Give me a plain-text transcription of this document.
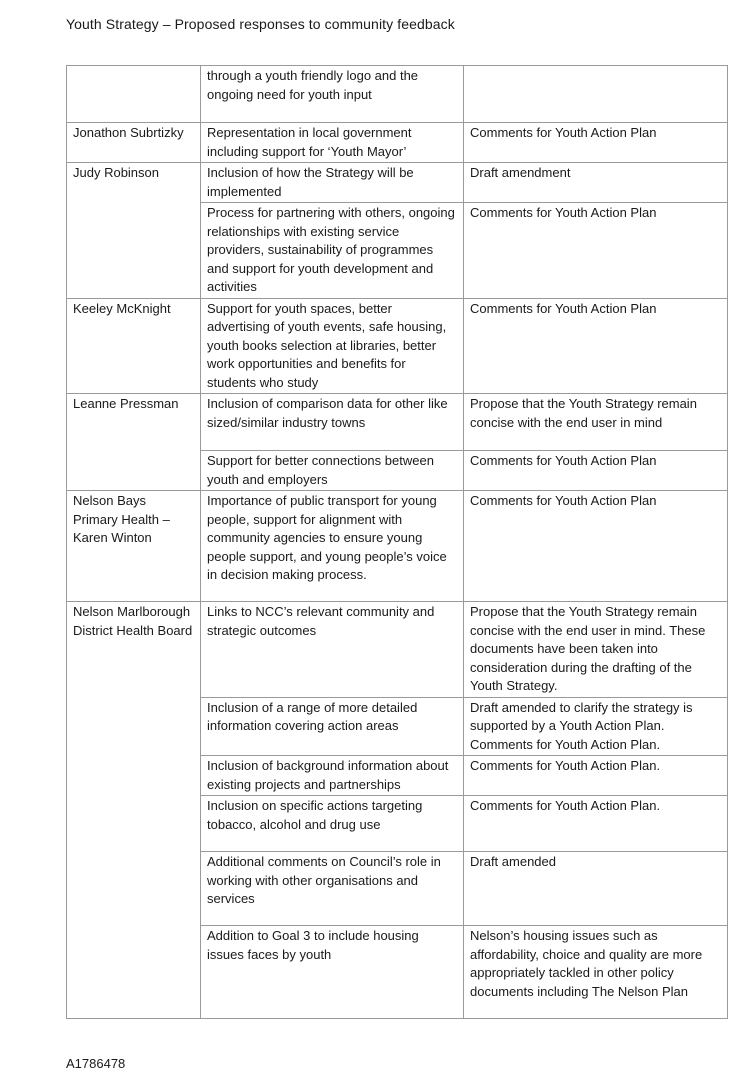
Youth Strategy – Proposed responses to community feedback
	through a youth friendly logo and the ongoing need for youth input	
Jonathon Subrtizky	Representation in local government including support for ‘Youth Mayor’	Comments for Youth Action Plan
Judy Robinson	Inclusion of how the Strategy will be implemented	Draft amendment
	Process for partnering with others, ongoing relationships with existing service providers, sustainability of programmes and support for youth development and activities	Comments for Youth Action Plan
Keeley McKnight	Support for youth spaces, better advertising of youth events, safe housing, youth books selection at libraries, better work opportunities and benefits for students who study	Comments for Youth Action Plan
Leanne Pressman	Inclusion of comparison data for other like sized/similar industry towns	Propose that the Youth Strategy remain concise with the end user in mind
	Support for better connections between youth and employers	Comments for Youth Action Plan
Nelson Bays Primary Health – Karen Winton	Importance of public transport for young people, support for alignment with community agencies to ensure young people support, and young people’s voice in decision making process.	Comments for Youth Action Plan
Nelson Marlborough District Health Board	Links to NCC’s relevant community and strategic outcomes	Propose that the Youth Strategy remain concise with the end user in mind. These documents have been taken into consideration during the drafting of the Youth Strategy.
	Inclusion of a range of more detailed information covering action areas	Draft amended to clarify the strategy is supported by a Youth Action Plan. Comments for Youth Action Plan.
	Inclusion of background information about existing projects and partnerships	Comments for Youth Action Plan.
	Inclusion on specific actions targeting tobacco, alcohol and drug use	Comments for Youth Action Plan.
	Additional comments on Council’s role in working with other organisations and services	Draft amended
	Addition to Goal 3 to include housing issues faces by youth	Nelson’s housing issues such as affordability, choice and quality are more appropriately tackled in other policy documents including The Nelson Plan
A1786478
